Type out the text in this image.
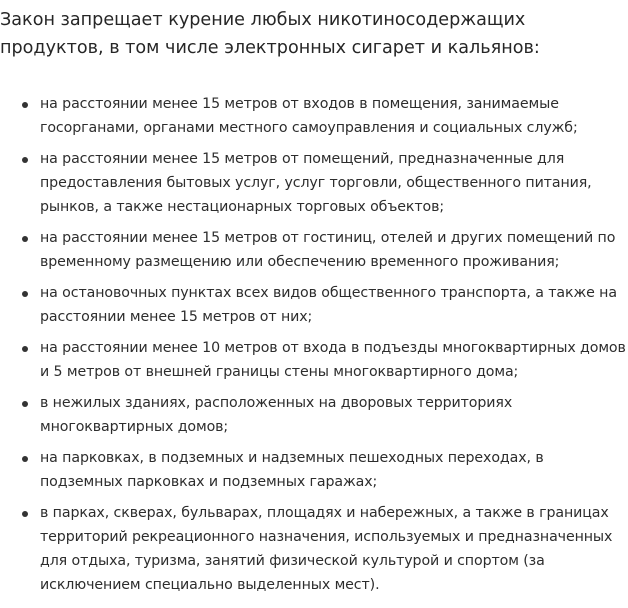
Закон запрещает курение любых никотиносодержащих продуктов, в том числе электронных сигарет и кальянов:

на расстоянии менее 15 метров от входов в помещения, занимаемые госорганами, органами местного самоуправления и социальных служб;
на расстоянии менее 15 метров от помещений, предназначенные для предоставления бытовых услуг, услуг торговли, общественного питания, рынков, а также нестационарных торговых объектов;
на расстоянии менее 15 метров от гостиниц, отелей и других помещений по временному размещению или обеспечению временного проживания;
на остановочных пунктах всех видов общественного транспорта, а также на расстоянии менее 15 метров от них;
на расстоянии менее 10 метров от входа в подъезды многоквартирных домов и 5 метров от внешней границы стены многоквартирного дома;
в нежилых зданиях, расположенных на дворовых территориях многоквартирных домов;
на парковках, в подземных и надземных пешеходных переходах, в подземных парковках и подземных гаражах;
в парках, скверах, бульварах, площадях и набережных, а также в границах территорий рекреационного назначения, используемых и предназначенных для отдыха, туризма, занятий физической культурой и спортом (за исключением специально выделенных мест).
